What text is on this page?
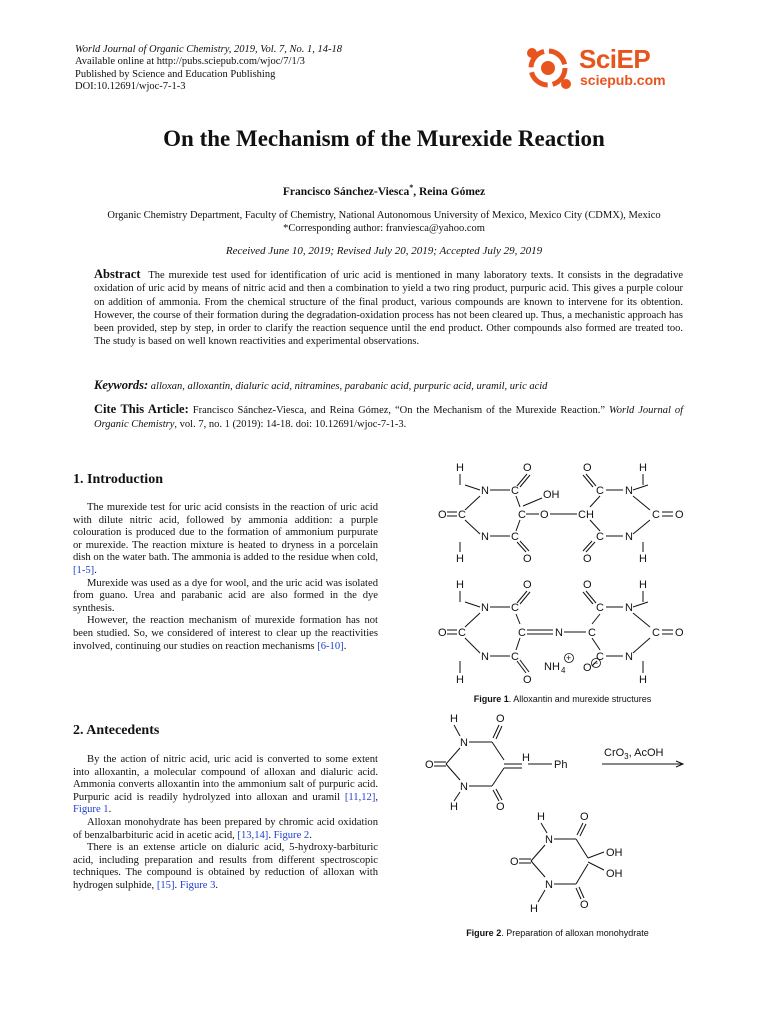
World Journal of Organic Chemistry, 2019, Vol. 7, No. 1, 14-18
Available online at http://pubs.sciepub.com/wjoc/7/1/3
Published by Science and Education Publishing
DOI:10.12691/wjoc-7-1-3
SciEP
sciepub.com
On the Mechanism of the Murexide Reaction
Francisco Sánchez-Viesca*, Reina Gómez
Organic Chemistry Department, Faculty of Chemistry, National Autonomous University of Mexico, Mexico City (CDMX), Mexico
*Corresponding author: franviesca@yahoo.com
Received June 10, 2019; Revised July 20, 2019; Accepted July 29, 2019
Abstract The murexide test used for identification of uric acid is mentioned in many laboratory texts. It consists in the degradative oxidation of uric acid by means of nitric acid and then a combination to yield a two ring product, purpuric acid. This gives a purple colour on addition of ammonia. From the chemical structure of the final product, various compounds are known to intervene for its obtention. However, the course of their formation during the degradation-oxidation process has not been cleared up. Thus, a mechanistic approach has been provided, step by step, in order to clarify the reaction sequence until the end product. Other compounds also formed are treated too. The study is based on well known reactivities and experimental observations.
Keywords: alloxan, alloxantin, dialuric acid, nitramines, parabanic acid, purpuric acid, uramil, uric acid
Cite This Article: Francisco Sánchez-Viesca, and Reina Gómez, “On the Mechanism of the Murexide Reaction.” World Journal of Organic Chemistry, vol. 7, no. 1 (2019): 14-18. doi: 10.12691/wjoc-7-1-3.
1. Introduction

The murexide test for uric acid consists in the reaction of uric acid with dilute nitric acid, followed by ammonia addition: a purple colouration is produced due to the formation of ammonium purpurate or murexide. The reaction mixture is heated to dryness in a porcelain dish on the water bath. The ammonia is added to the residue when cold, [1-5].

Murexide was used as a dye for wool, and the uric acid was isolated from guano. Urea and parabanic acid are also formed in the dye synthesis.

However, the reaction mechanism of murexide formation has not been studied. So, we considered of interest to clear up the reactivities involved, continuing our studies on reaction mechanisms [6-10].

2. Antecedents

By the action of nitric acid, uric acid is converted to some extent into alloxantin, a molecular compound of alloxan and dialuric acid. Ammonia converts alloxantin into the ammonium salt of purpuric acid. Purpuric acid is readily hydrolyzed into alloxan and uramil [11,12], Figure 1.

Alloxan monohydrate has been prepared by chromic acid oxidation of benzalbarbituric acid in acetic acid, [13,14]. Figure 2.

There is an extense article on dialuric acid, 5-hydroxy-barbituric acid, including preparation and results from different spectroscopic techniques. The compound is obtained by reduction of alloxan with hydrogen sulphide, [15]. Figure 3.

H	O	O	H
N C OH	C N
O C	C O	CH	C O
N C	C N
H	O	O	H
H	O	O	H
N C	C N
O C	C	N C	C O
N C	C N
NH 4
+
O −
H	O	H
Figure 1. Alloxantin and murexide structures
H	O
N
O
H
Ph
N
H	O
CrO$_3$, AcOH
H	O
N
O
OH
OH
N
H	O
Figure 2. Preparation of alloxan monohydrate
